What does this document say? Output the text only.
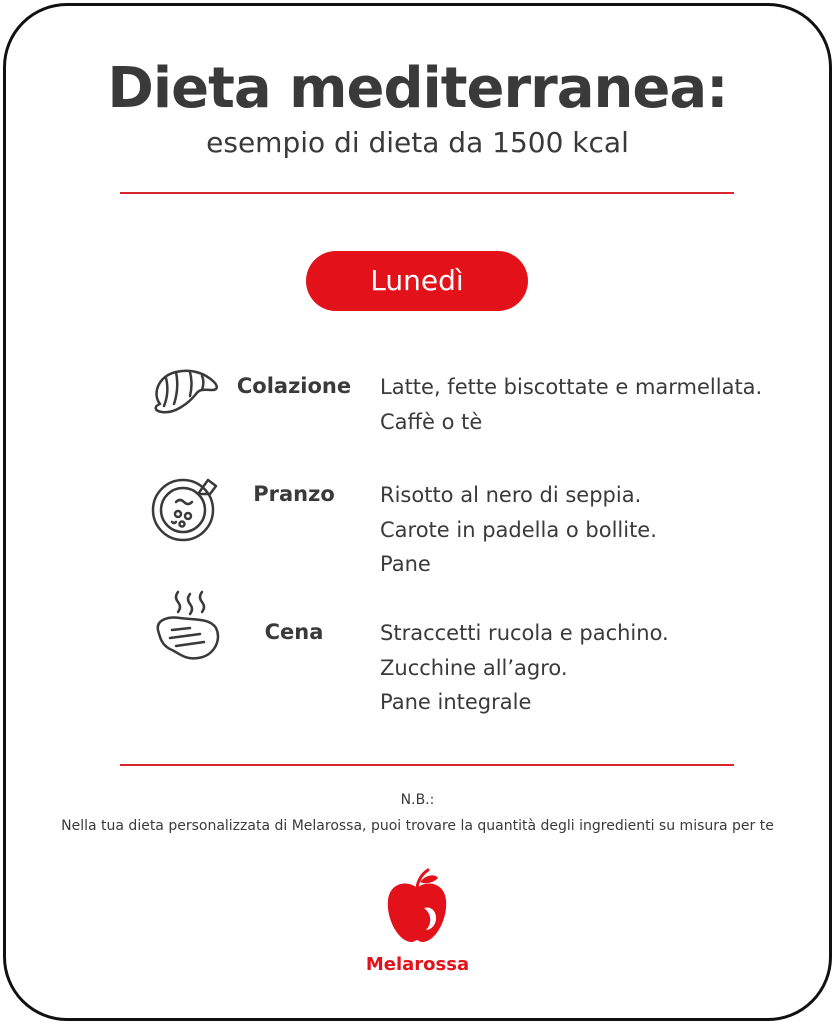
Dieta mediterranea:
esempio di dieta da 1500 kcal
Lunedì
Colazione	Latte, fette biscottate e marmellata.
Caffè o tè
Pranzo	Risotto al nero di seppia.
Carote in padella o bollite.
Pane
Cena	Straccetti rucola e pachino.
Zucchine all’agro.
Pane integrale
N.B.:
Nella tua dieta personalizzata di Melarossa, puoi trovare la quantità degli ingredienti su misura per te
Melarossa
